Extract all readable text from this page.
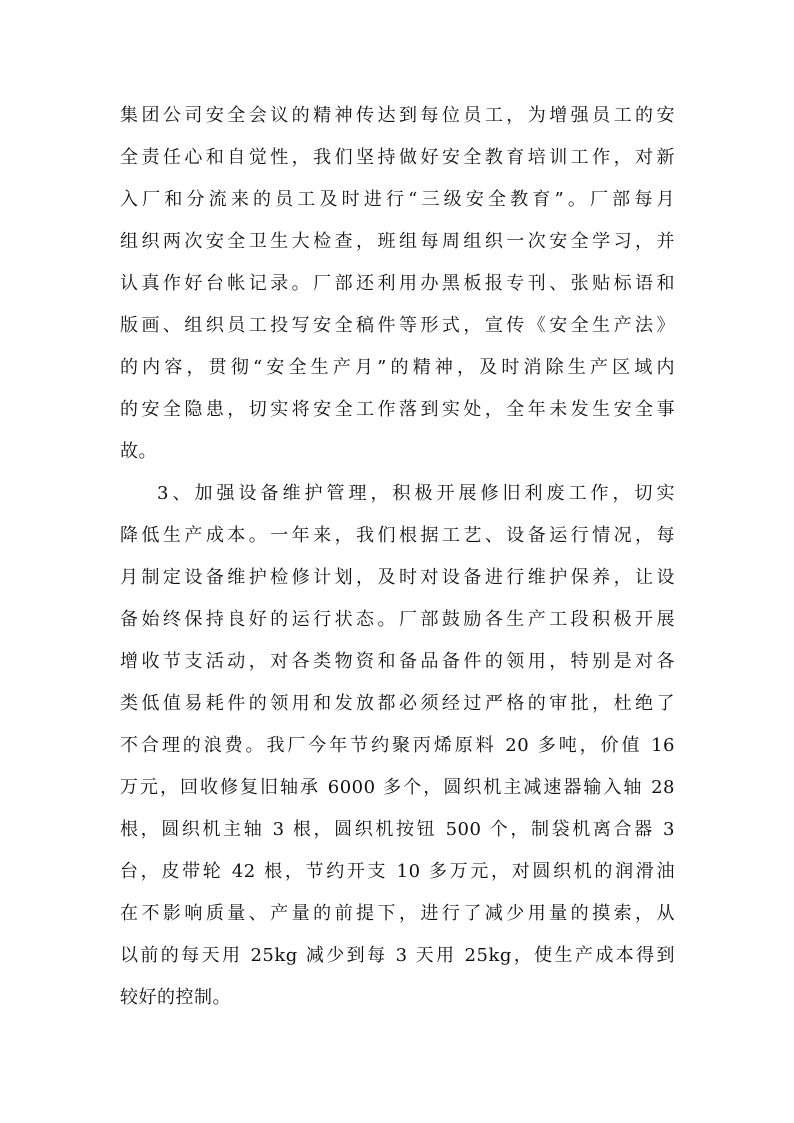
集团公司安全会议的精神传达到每位员工，为增强员工的安
全责任心和自觉性，我们坚持做好安全教育培训工作，对新
入厂和分流来的员工及时进行“三级安全教育”。厂部每月
组织两次安全卫生大检查，班组每周组织一次安全学习，并
认真作好台帐记录。厂部还利用办黑板报专刊、张贴标语和
版画、组织员工投写安全稿件等形式，宣传《安全生产法》
的内容，贯彻“安全生产月”的精神，及时消除生产区域内
的安全隐患，切实将安全工作落到实处，全年未发生安全事
故。
3、加强设备维护管理，积极开展修旧利废工作，切实
降低生产成本。一年来，我们根据工艺、设备运行情况，每
月制定设备维护检修计划，及时对设备进行维护保养，让设
备始终保持良好的运行状态。厂部鼓励各生产工段积极开展
增收节支活动，对各类物资和备品备件的领用，特别是对各
类低值易耗件的领用和发放都必须经过严格的审批，杜绝了
不合理的浪费。我厂今年节约聚丙烯原料 20 多吨，价值 16
万元，回收修复旧轴承 6000 多个，圆织机主减速器输入轴 28
根，圆织机主轴 3 根，圆织机按钮 500 个，制袋机离合器 3
台，皮带轮 42 根，节约开支 10 多万元，对圆织机的润滑油
在不影响质量、产量的前提下，进行了减少用量的摸索，从
以前的每天用 25kg 减少到每 3 天用 25kg，使生产成本得到
较好的控制。
